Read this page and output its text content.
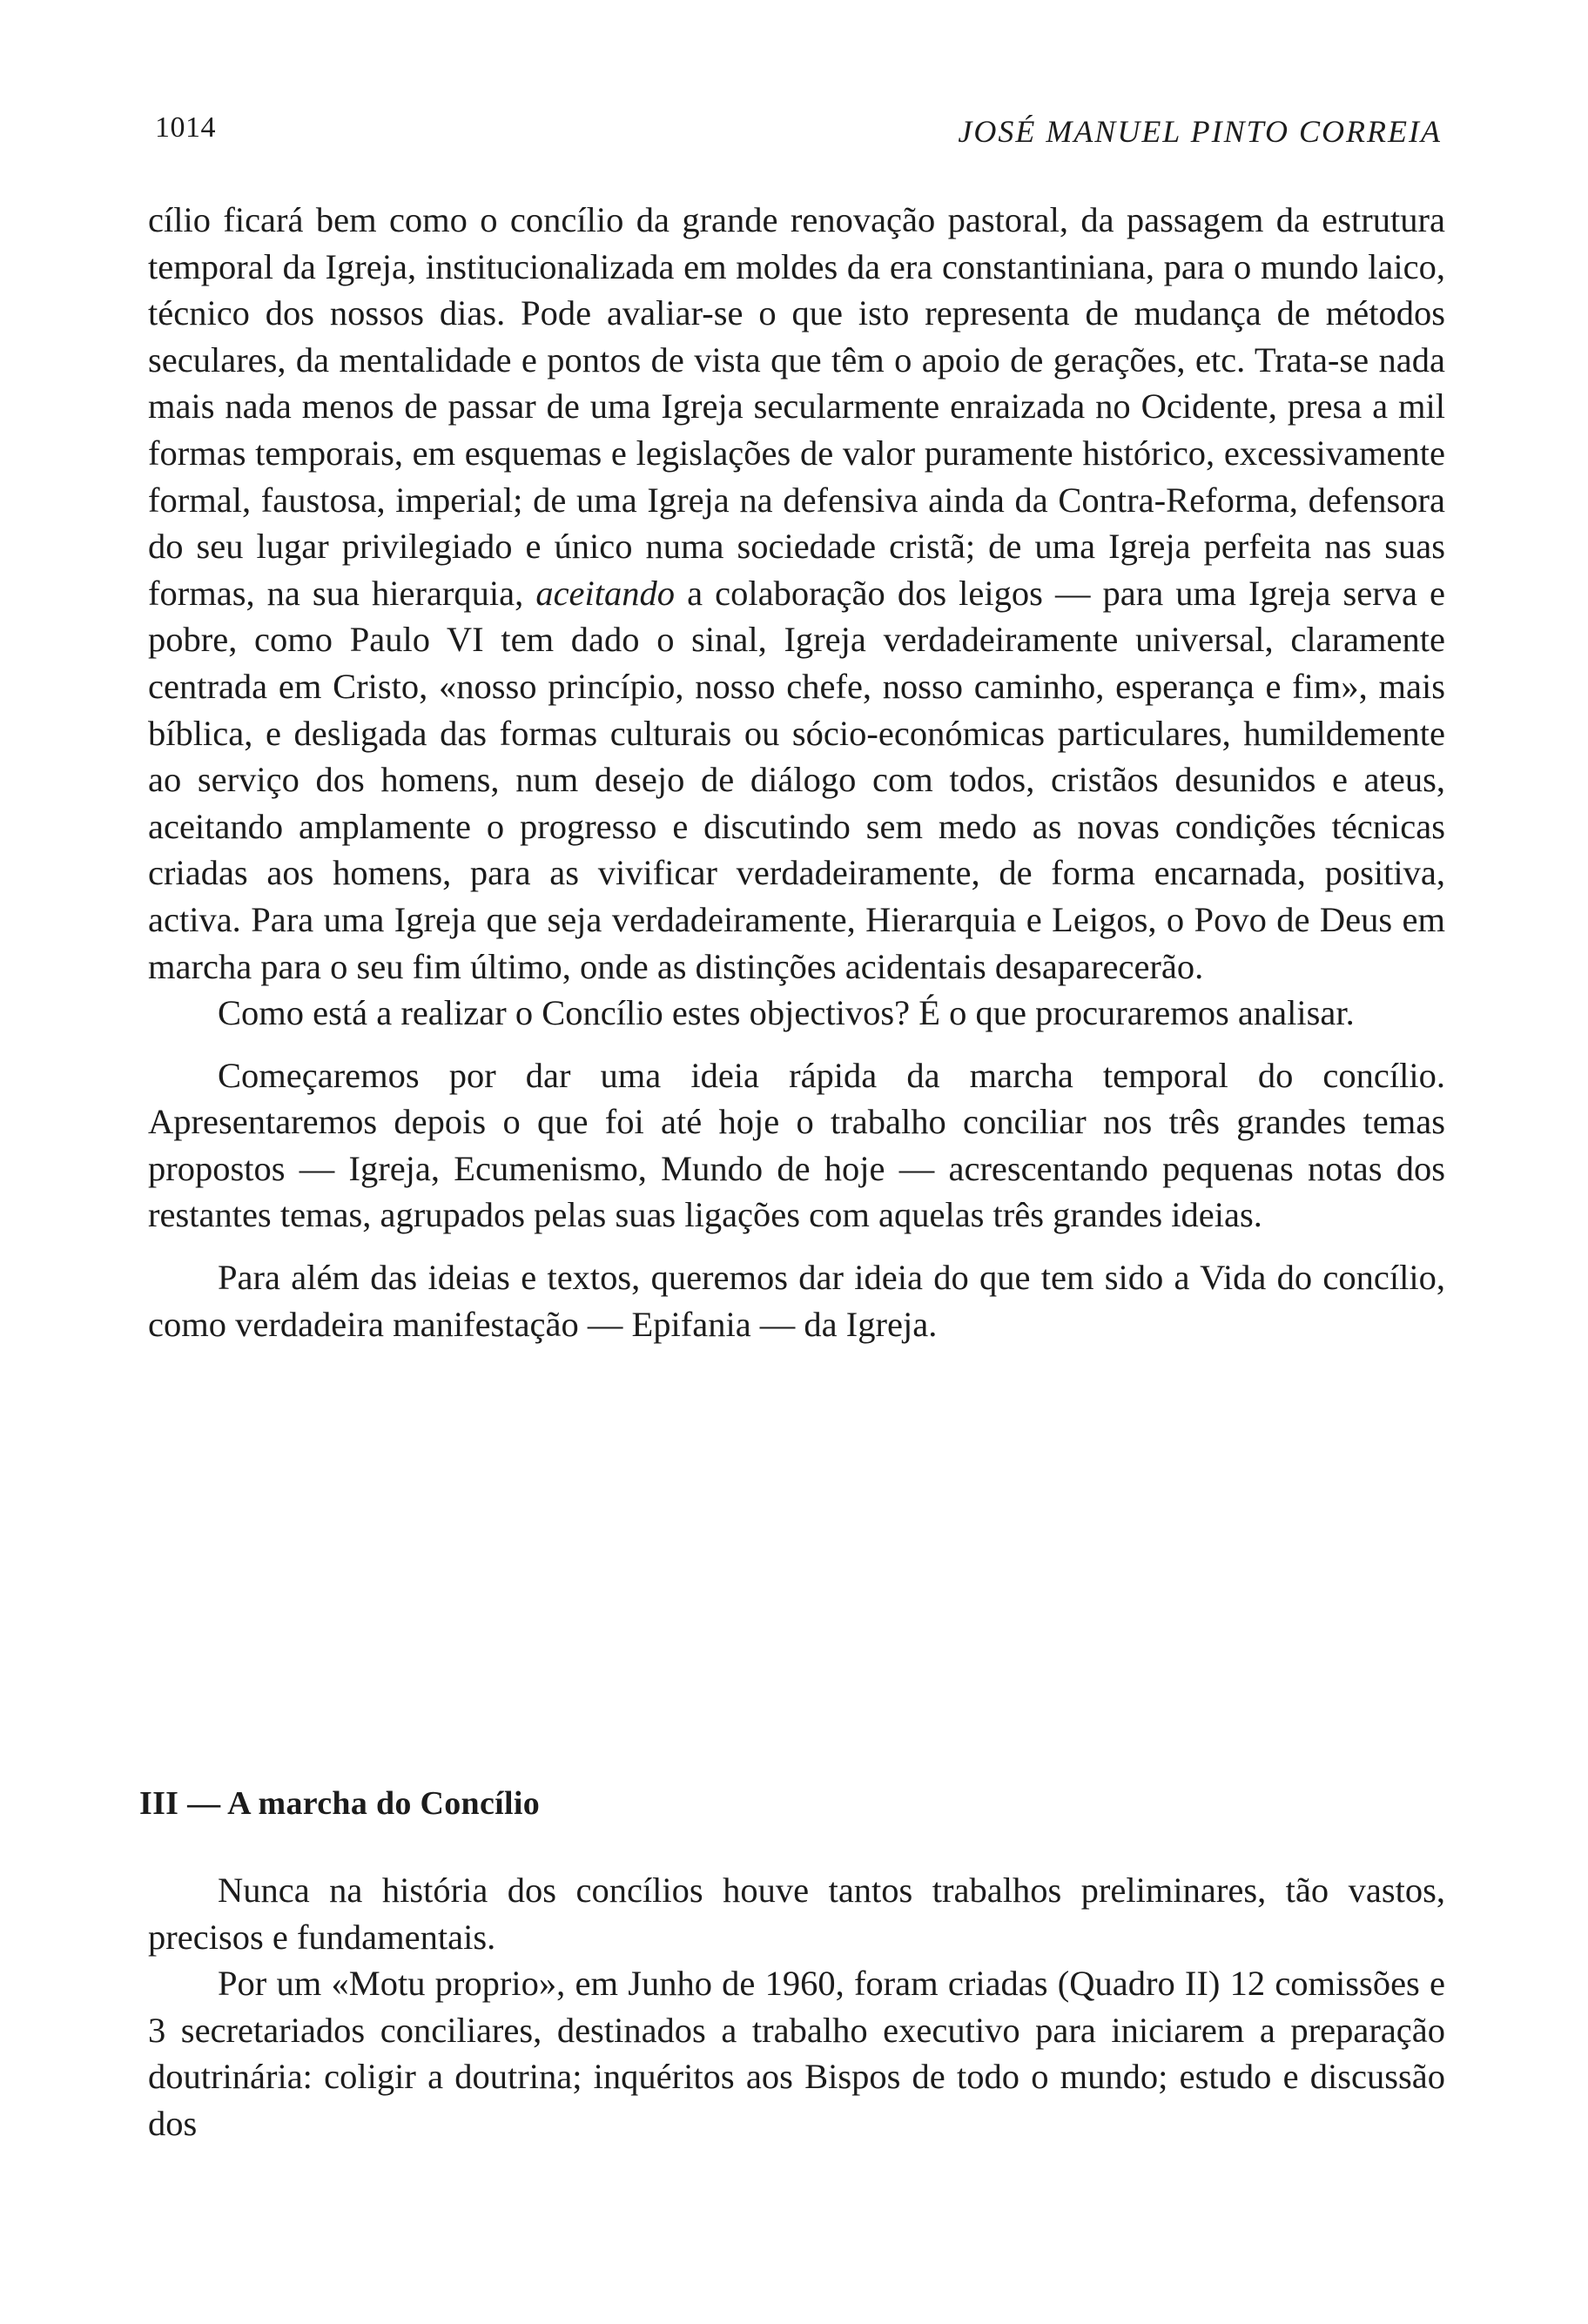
1014	JOSÉ MANUEL PINTO CORREIA

cílio ficará bem como o concílio da grande renovação pastoral, da passagem da estrutura temporal da Igreja, institucionalizada em moldes da era constantiniana, para o mundo laico, técnico dos nossos dias. Pode avaliar-se o que isto representa de mudança de métodos seculares, da mentalidade e pontos de vista que têm o apoio de gerações, etc. Trata-se nada mais nada menos de passar de uma Igreja secularmente enraizada no Ocidente, presa a mil formas temporais, em esquemas e legislações de valor puramente histórico, excessivamente formal, faustosa, imperial; de uma Igreja na defensiva ainda da Contra-Reforma, defensora do seu lugar privilegiado e único numa sociedade cristã; de uma Igreja perfeita nas suas formas, na sua hierarquia, aceitando a colaboração dos leigos — para uma Igreja serva e pobre, como Paulo VI tem dado o sinal, Igreja verdadeiramente universal, claramente centrada em Cristo, «nosso princípio, nosso chefe, nosso caminho, esperança e fim», mais bíblica, e desligada das formas culturais ou sócio-económicas particulares, humildemente ao serviço dos homens, num desejo de diálogo com todos, cristãos desunidos e ateus, aceitando amplamente o progresso e discutindo sem medo as novas condições técnicas criadas aos homens, para as vivificar verdadeiramente, de forma encarnada, positiva, activa. Para uma Igreja que seja verdadeiramente, Hierarquia e Leigos, o Povo de Deus em marcha para o seu fim último, onde as distinções acidentais desaparecerão.

Como está a realizar o Concílio estes objectivos? É o que procuraremos analisar.

Começaremos por dar uma ideia rápida da marcha temporal do concílio. Apresentaremos depois o que foi até hoje o trabalho conciliar nos três grandes temas propostos — Igreja, Ecumenismo, Mundo de hoje — acrescentando pequenas notas dos restantes temas, agrupados pelas suas ligações com aquelas três grandes ideias.

Para além das ideias e textos, queremos dar ideia do que tem sido a Vida do concílio, como verdadeira manifestação — Epifania — da Igreja.

III — A marcha do Concílio

Nunca na história dos concílios houve tantos trabalhos preliminares, tão vastos, precisos e fundamentais.

Por um «Motu proprio», em Junho de 1960, foram criadas (Quadro II) 12 comissões e 3 secretariados conciliares, destinados a trabalho executivo para iniciarem a preparação doutrinária: coligir a doutrina; inquéritos aos Bispos de todo o mundo; estudo e discussão dos
